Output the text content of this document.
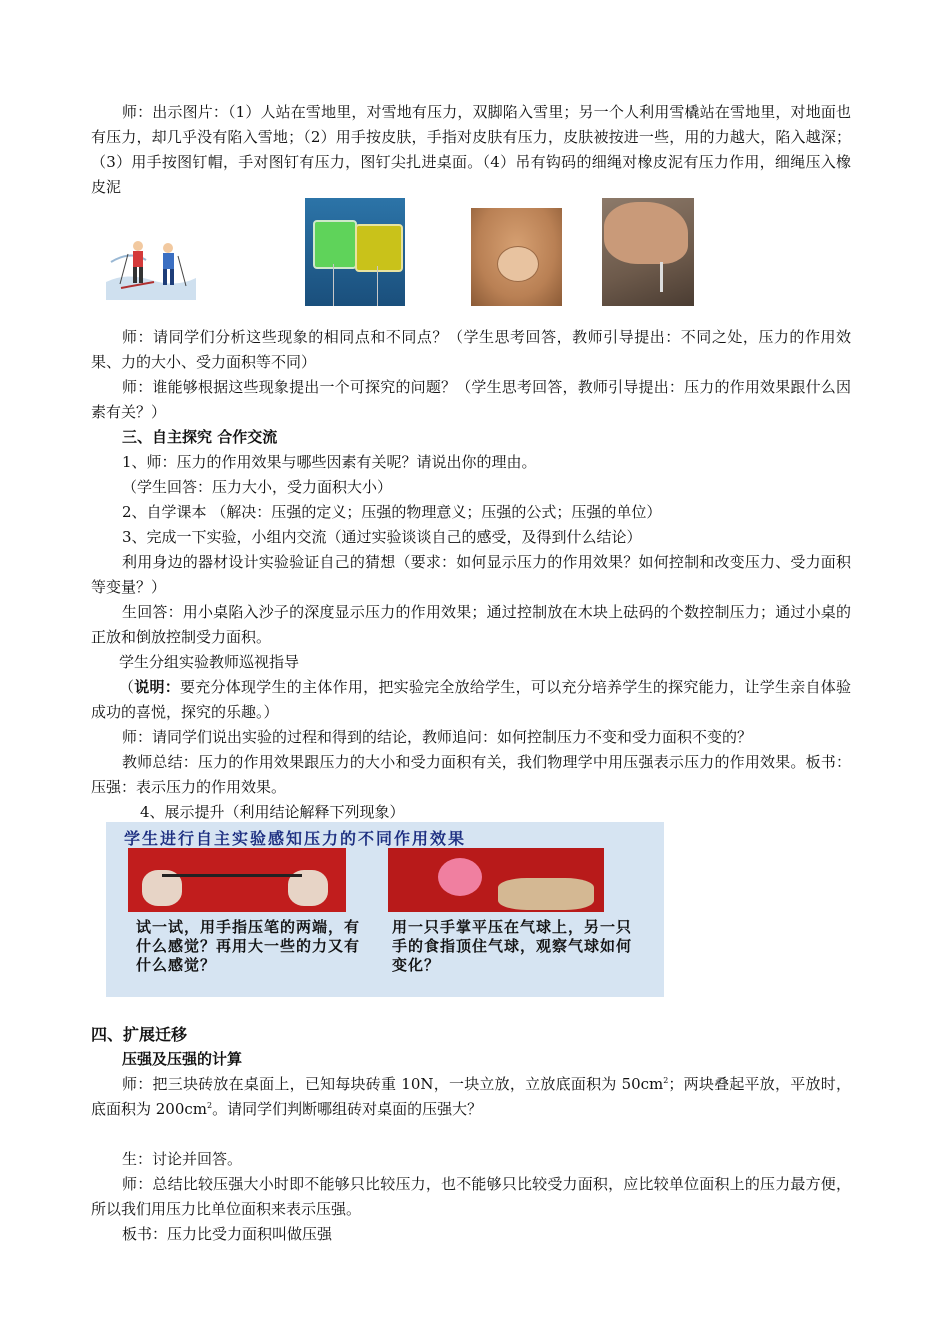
师：出示图片：（1）人站在雪地里，对雪地有压力，双脚陷入雪里；另一个人利用雪橇站在雪地里，对地面也有压力，却几乎没有陷入雪地；（2）用手按皮肤，手指对皮肤有压力，皮肤被按进一些，用的力越大，陷入越深；（3）用手按图钉帽，手对图钉有压力，图钉尖扎进桌面。（4）吊有钩码的细绳对橡皮泥有压力作用，细绳压入橡皮泥

师：请同学们分析这些现象的相同点和不同点？（学生思考回答，教师引导提出：不同之处，压力的作用效果、力的大小、受力面积等不同）

师：谁能够根据这些现象提出一个可探究的问题？（学生思考回答，教师引导提出：压力的作用效果跟什么因素有关？）

三、自主探究 合作交流

1、师：压力的作用效果与哪些因素有关呢？请说出你的理由。

（学生回答：压力大小，受力面积大小）

2、自学课本 （解决：压强的定义；压强的物理意义；压强的公式；压强的单位）

3、完成一下实验，小组内交流（通过实验谈谈自己的感受，及得到什么结论）

利用身边的器材设计实验验证自己的猜想（要求：如何显示压力的作用效果？如何控制和改变压力、受力面积等变量？）

生回答：用小桌陷入沙子的深度显示压力的作用效果；通过控制放在木块上砝码的个数控制压力；通过小桌的正放和倒放控制受力面积。

学生分组实验教师巡视指导

（说明：要充分体现学生的主体作用，把实验完全放给学生，可以充分培养学生的探究能力，让学生亲自体验成功的喜悦，探究的乐趣。）

师：请同学们说出实验的过程和得到的结论，教师追问：如何控制压力不变和受力面积不变的？

教师总结：压力的作用效果跟压力的大小和受力面积有关，我们物理学中用压强表示压力的作用效果。板书：压强：表示压力的作用效果。

4、展示提升（利用结论解释下列现象）

学生进行自主实验感知压力的不同作用效果
试一试，用手指压笔的两端，有什么感觉？再用大一些的力又有什么感觉？
用一只手掌平压在气球上，另一只手的食指顶住气球，观察气球如何变化？

四、扩展迁移

压强及压强的计算

师：把三块砖放在桌面上，已知每块砖重 10N，一块立放，立放底面积为 $50cm^2$；两块叠起平放，平放时，底面积为 $200cm^2$。请同学们判断哪组砖对桌面的压强大？

生：讨论并回答。

师：总结比较压强大小时即不能够只比较压力，也不能够只比较受力面积，应比较单位面积上的压力最方便，所以我们用压力比单位面积来表示压强。

板书：压力比受力面积叫做压强
